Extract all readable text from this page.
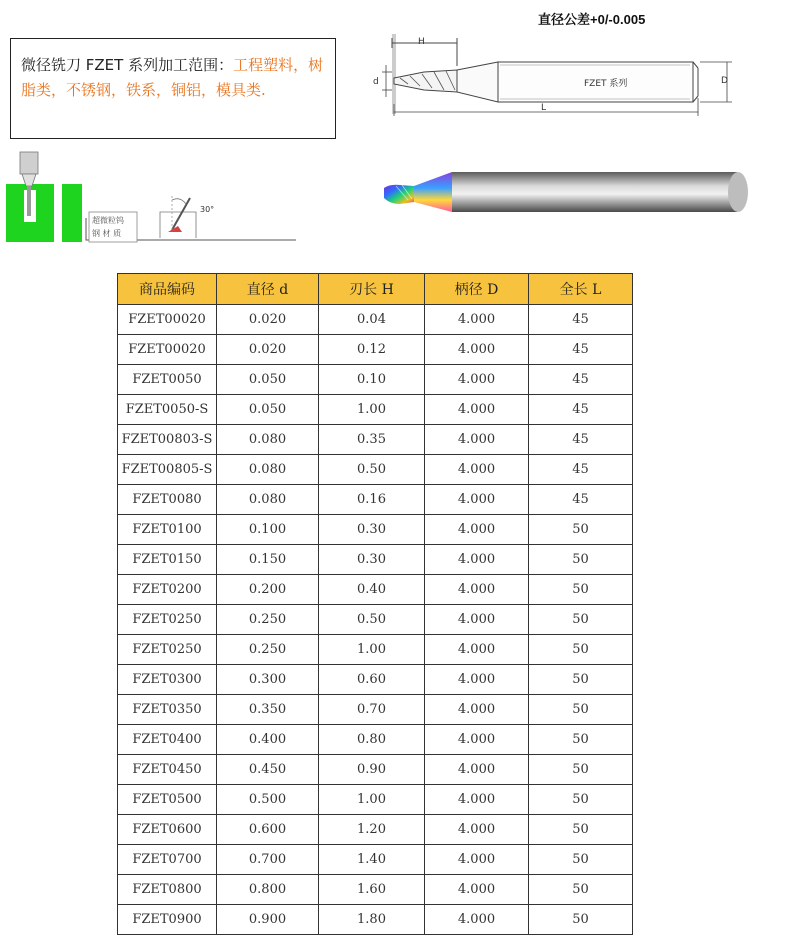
直径公差+0/-0.005
微径铣刀 FZET 系列加工范围：工程塑料，树脂类，不锈钢，铁系，铜铝，模具类.
H
FZET 系列
d	D
L
超微粒钨
钢 材 质
30°
商品编码	直径 d	刃长 H	柄径 D	全长 L
FZET00020	0.020	0.04	4.000	45
FZET00020	0.020	0.12	4.000	45
FZET0050	0.050	0.10	4.000	45
FZET0050-S	0.050	1.00	4.000	45
FZET00803-S	0.080	0.35	4.000	45
FZET00805-S	0.080	0.50	4.000	45
FZET0080	0.080	0.16	4.000	45
FZET0100	0.100	0.30	4.000	50
FZET0150	0.150	0.30	4.000	50
FZET0200	0.200	0.40	4.000	50
FZET0250	0.250	0.50	4.000	50
FZET0250	0.250	1.00	4.000	50
FZET0300	0.300	0.60	4.000	50
FZET0350	0.350	0.70	4.000	50
FZET0400	0.400	0.80	4.000	50
FZET0450	0.450	0.90	4.000	50
FZET0500	0.500	1.00	4.000	50
FZET0600	0.600	1.20	4.000	50
FZET0700	0.700	1.40	4.000	50
FZET0800	0.800	1.60	4.000	50
FZET0900	0.900	1.80	4.000	50
